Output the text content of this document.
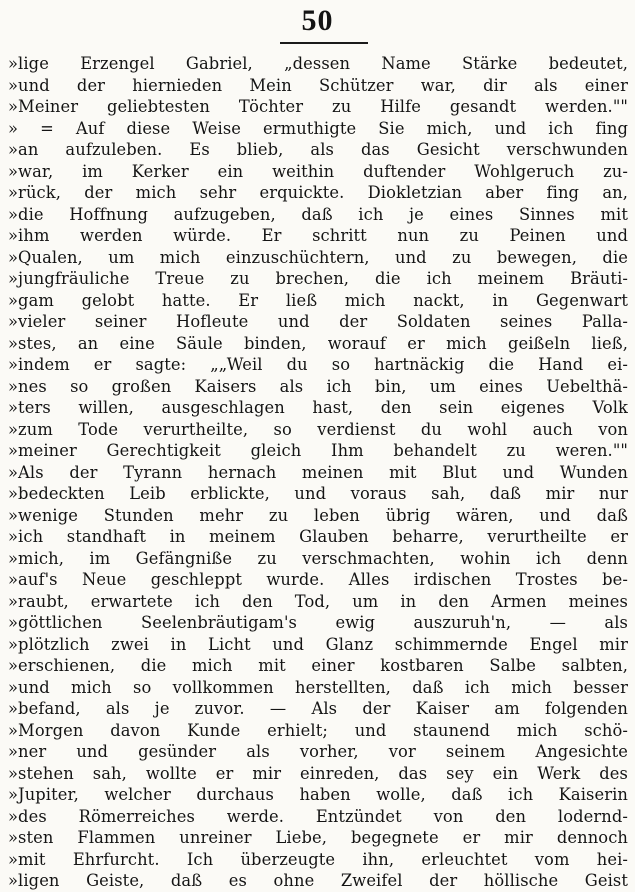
50
»lige Erzengel Gabriel, „dessen Name Stärke bedeutet,
»und der hiernieden Mein Schützer war, dir als einer
»Meiner geliebtesten Töchter zu Hilfe gesandt werden.""
» = Auf diese Weise ermuthigte Sie mich, und ich fing
»an aufzuleben. Es blieb, als das Gesicht verschwunden
»war, im Kerker ein weithin duftender Wohlgeruch zu-
»rück, der mich sehr erquickte. Diokletzian aber fing an,
»die Hoffnung aufzugeben, daß ich je eines Sinnes mit
»ihm werden würde. Er schritt nun zu Peinen und
»Qualen, um mich einzuschüchtern, und zu bewegen, die
»jungfräuliche Treue zu brechen, die ich meinem Bräuti-
»gam gelobt hatte. Er ließ mich nackt, in Gegenwart
»vieler seiner Hofleute und der Soldaten seines Palla-
»stes, an eine Säule binden, worauf er mich geißeln ließ,
»indem er sagte: „„Weil du so hartnäckig die Hand ei-
»nes so großen Kaisers als ich bin, um eines Uebelthä-
»ters willen, ausgeschlagen hast, den sein eigenes Volk
»zum Tode verurtheilte, so verdienst du wohl auch von
»meiner Gerechtigkeit gleich Ihm behandelt zu weren.""
»Als der Tyrann hernach meinen mit Blut und Wunden
»bedeckten Leib erblickte, und voraus sah, daß mir nur
»wenige Stunden mehr zu leben übrig wären, und daß
»ich standhaft in meinem Glauben beharre, verurtheilte er
»mich, im Gefängniße zu verschmachten, wohin ich denn
»auf's Neue geschleppt wurde. Alles irdischen Trostes be-
»raubt, erwartete ich den Tod, um in den Armen meines
»göttlichen Seelenbräutigam's ewig auszuruh'n, — als
»plötzlich zwei in Licht und Glanz schimmernde Engel mir
»erschienen, die mich mit einer kostbaren Salbe salbten,
»und mich so vollkommen herstellten, daß ich mich besser
»befand, als je zuvor. — Als der Kaiser am folgenden
»Morgen davon Kunde erhielt; und staunend mich schö-
»ner und gesünder als vorher, vor seinem Angesichte
»stehen sah, wollte er mir einreden, das sey ein Werk des
»Jupiter, welcher durchaus haben wolle, daß ich Kaiserin
»des Römerreiches werde. Entzündet von den lodernd-
»sten Flammen unreiner Liebe, begegnete er mir dennoch
»mit Ehrfurcht. Ich überzeugte ihn, erleuchtet vom hei-
»ligen Geiste, daß es ohne Zweifel der höllische Geist
